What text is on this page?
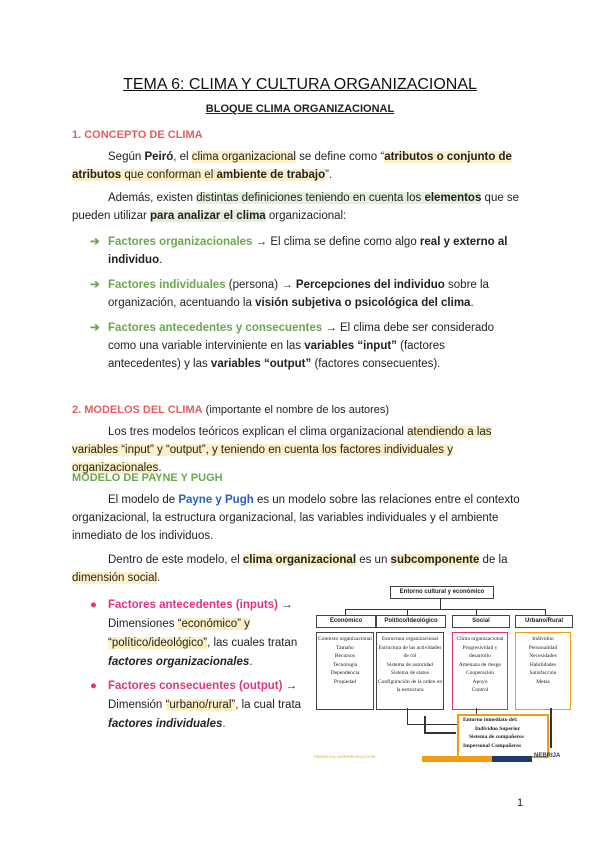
TEMA 6: CLIMA Y CULTURA ORGANIZACIONAL
BLOQUE CLIMA ORGANIZACIONAL
1. CONCEPTO DE CLIMA
Según Peiró, el clima organizacional se define como “atributos o conjunto de atributos que conforman el ambiente de trabajo”.
Además, existen distintas definiciones teniendo en cuenta los elementos que se pueden utilizar para analizar el clima organizacional:
➔ Factores organizacionales → El clima se define como algo real y externo al individuo.
➔ Factores individuales (persona) → Percepciones del individuo sobre la organización, acentuando la visión subjetiva o psicológica del clima.
➔ Factores antecedentes y consecuentes → El clima debe ser considerado como una variable interviniente en las variables “input” (factores antecedentes) y las variables “output” (factores consecuentes).
2. MODELOS DEL CLIMA (importante el nombre de los autores)
Los tres modelos teóricos explican el clima organizacional atendiendo a las variables “input” y “output”, y teniendo en cuenta los factores individuales y organizacionales.
MODELO DE PAYNE Y PUGH
El modelo de Payne y Pugh es un modelo sobre las relaciones entre el contexto organizacional, la estructura organizacional, las variables individuales y el ambiente inmediato de los individuos.
Dentro de este modelo, el clima organizacional es un subcomponente de la dimensión social.
● Factores antecedentes (inputs) → Dimensiones “económico” y “político/ideológico”, las cuales tratan factores organizacionales.
● Factores consecuentes (output) → Dimensión “urbano/rural”, la cual trata factores individuales.
Entorno cultural y económico
Económico	Político/Ideológico	Social	Urbano/Rural
Contexto organizacional
Tamaño
Recursos
Tecnología
Dependencia
Propiedad
Estructura organizacional
Estructura de las actividades de rol
Sistema de autoridad
Sistema de status
Configuración de la orden en la estructura
Clima organizacional
Progresividad y desarrollo
Amenaza de riesgo
Cooperación
Apoyo
Control
Individuo
Personalidad
Necesidades
Habilidades
Satisfacción
Metas
Entorno inmediato del:
Individuo Superior
Sistema de compañeros
Impersonal Compañeros
PERMITIDA LA REPRODUCCIÓN	NEBRIJA
1
